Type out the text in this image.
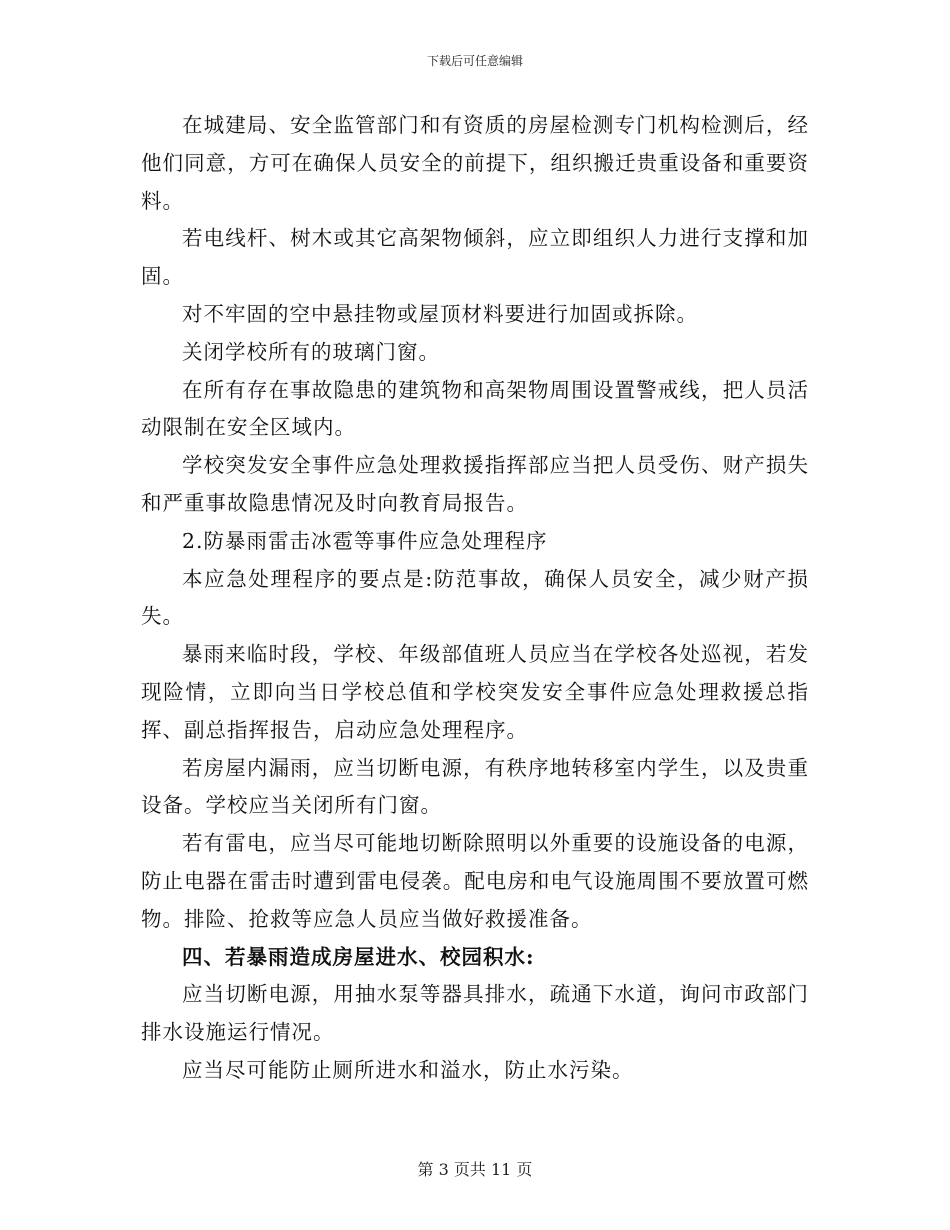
下载后可任意编辑

在城建局、安全监管部门和有资质的房屋检测专门机构检测后，经他们同意，方可在确保人员安全的前提下，组织搬迁贵重设备和重要资料。

若电线杆、树木或其它高架物倾斜，应立即组织人力进行支撑和加固。

对不牢固的空中悬挂物或屋顶材料要进行加固或拆除。

关闭学校所有的玻璃门窗。

在所有存在事故隐患的建筑物和高架物周围设置警戒线，把人员活动限制在安全区域内。

学校突发安全事件应急处理救援指挥部应当把人员受伤、财产损失和严重事故隐患情况及时向教育局报告。

2.防暴雨雷击冰雹等事件应急处理程序

本应急处理程序的要点是:防范事故，确保人员安全，减少财产损失。

暴雨来临时段，学校、年级部值班人员应当在学校各处巡视，若发现险情，立即向当日学校总值和学校突发安全事件应急处理救援总指挥、副总指挥报告，启动应急处理程序。

若房屋内漏雨，应当切断电源，有秩序地转移室内学生，以及贵重设备。学校应当关闭所有门窗。

若有雷电，应当尽可能地切断除照明以外重要的设施设备的电源，防止电器在雷击时遭到雷电侵袭。配电房和电气设施周围不要放置可燃物。排险、抢救等应急人员应当做好救援准备。

四、若暴雨造成房屋进水、校园积水:

应当切断电源，用抽水泵等器具排水，疏通下水道，询问市政部门排水设施运行情况。

应当尽可能防止厕所进水和溢水，防止水污染。

第 3 页共 11 页
